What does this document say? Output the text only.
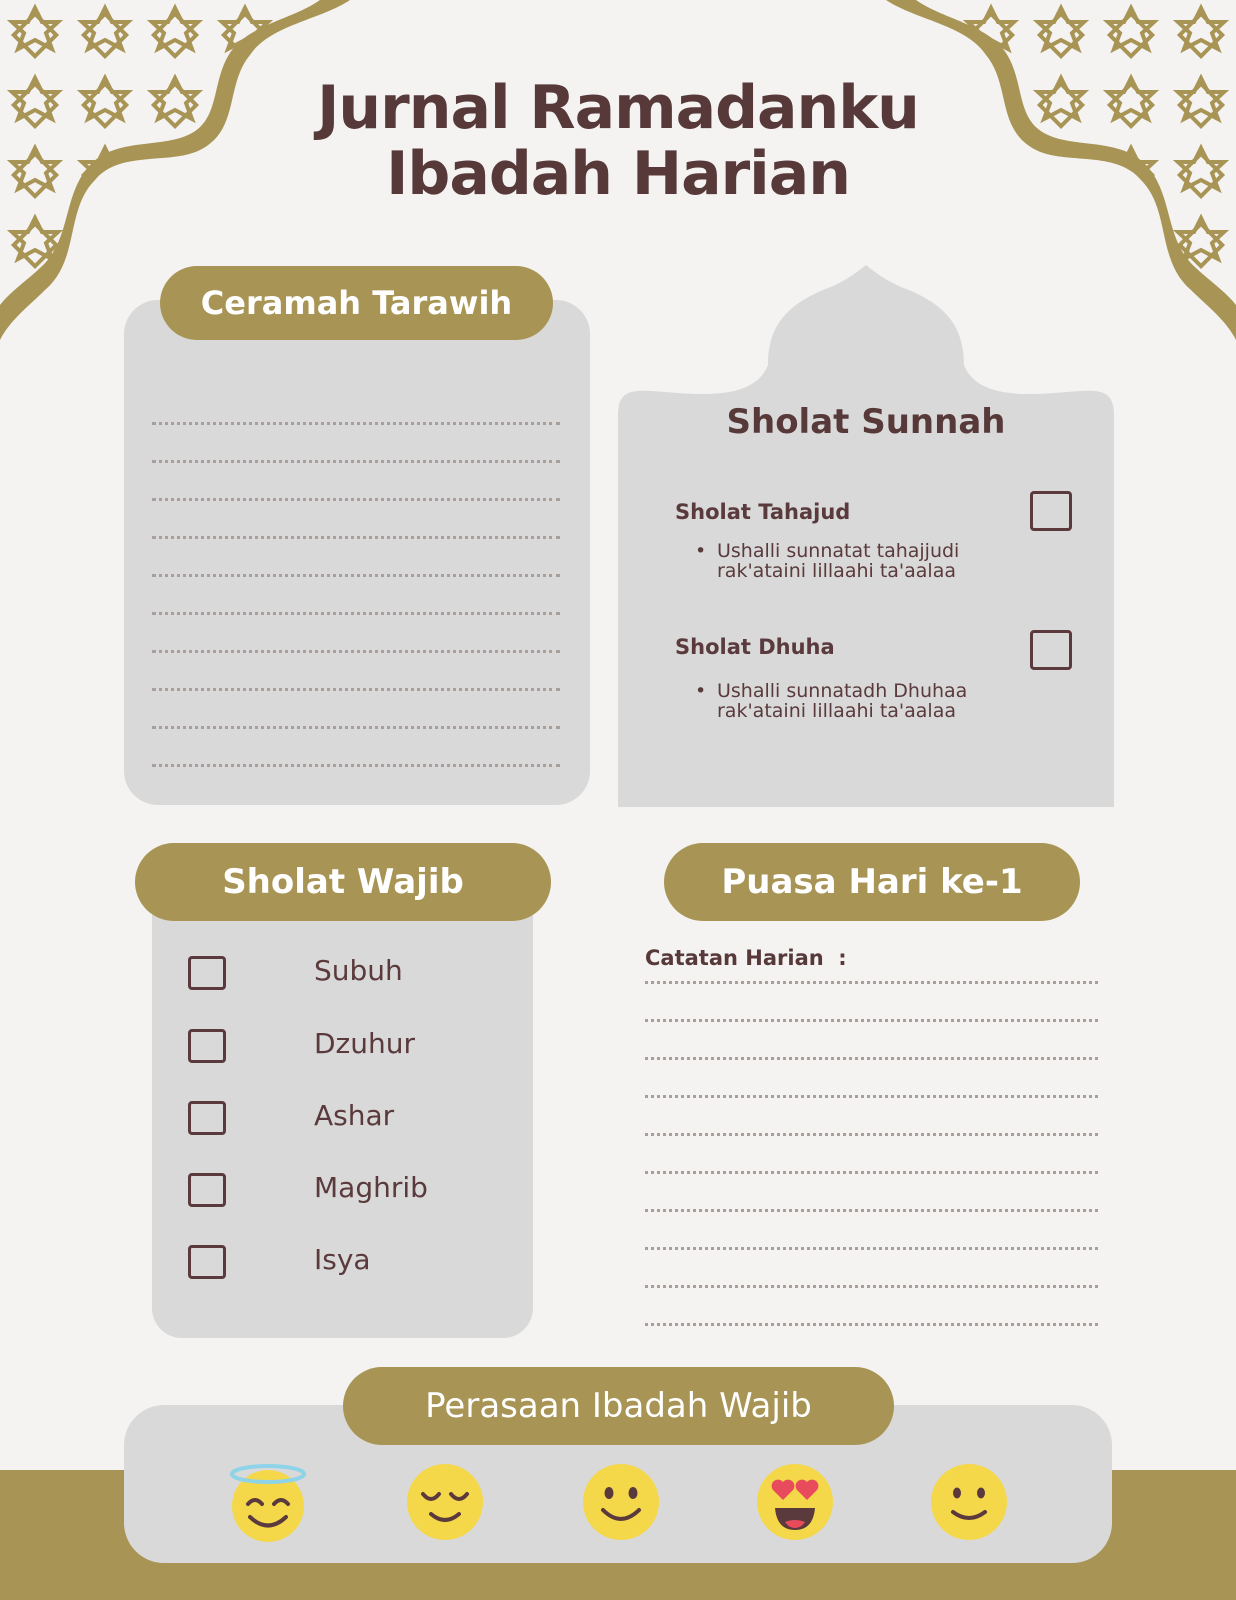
Jurnal Ramadanku
Ibadah Harian
Ceramah Tarawih
Sholat Sunnah
Sholat Tahajud
• Ushalli sunnatat tahajjudi rak'ataini lillaahi ta'aalaa
Sholat Dhuha
• Ushalli sunnatadh Dhuhaa rak'ataini lillaahi ta'aalaa
Sholat Wajib
Subuh
Dzuhur
Ashar
Maghrib
Isya
Puasa Hari ke-1
Catatan Harian  :
Perasaan Ibadah Wajib
